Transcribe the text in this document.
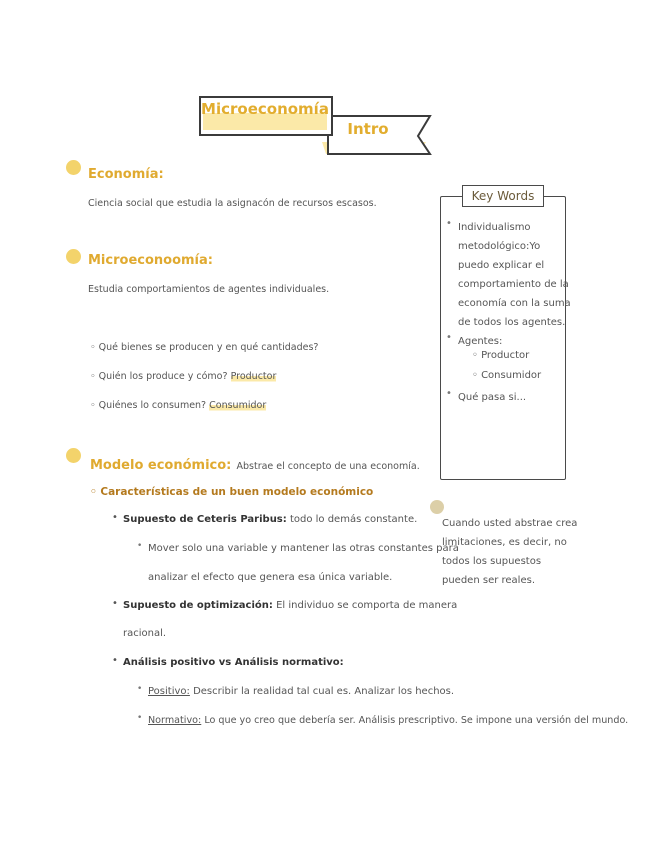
Intro
Microeconomía
Economía:
Ciencia social que estudia la asignacón de recursos escasos.
Microeconoomía:
Estudia comportamientos de agentes individuales.
◦ Qué bienes se producen y en qué cantidades?
◦ Quién los produce y cómo? Productor
◦ Quiénes lo consumen? Consumidor
Modelo económico: Abstrae el concepto de una economía.
◦ Características de un buen modelo económico
• Supuesto de Ceteris Paribus: todo lo demás constante.
• Mover solo una variable y mantener las otras constantes para
analizar el efecto que genera esa única variable.
• Supuesto de optimización: El individuo se comporta de manera
racional.
• Análisis positivo vs Análisis normativo:
• Positivo: Describir la realidad tal cual es. Analizar los hechos.
• Normativo: Lo que yo creo que debería ser. Análisis prescriptivo. Se impone una versión del mundo.
Key Words
• Individualismo
metodológico:Yo
puedo explicar el
comportamiento de la
economía con la suma
de todos los agentes.
• Agentes:
◦ Productor
◦ Consumidor
• Qué pasa si...
Cuando usted abstrae crea
limitaciones, es decir, no
todos los supuestos
pueden ser reales.
